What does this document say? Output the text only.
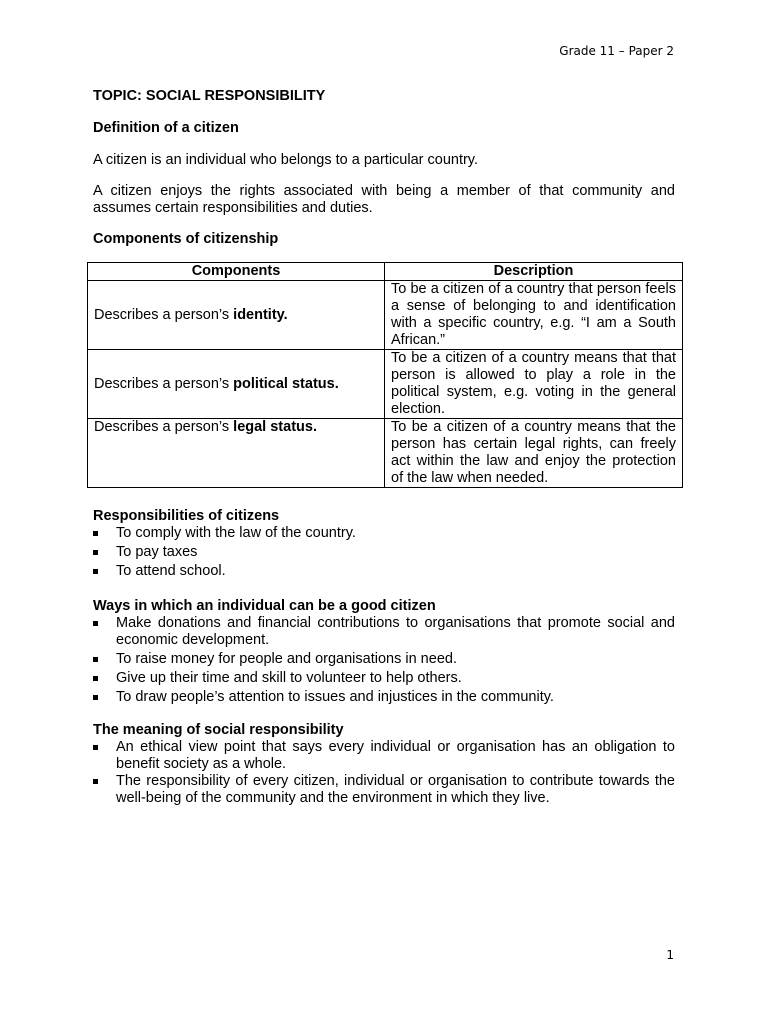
Grade 11 – Paper 2

TOPIC: SOCIAL RESPONSIBILITY

Definition of a citizen

A citizen is an individual who belongs to a particular country.

A citizen enjoys the rights associated with being a member of that community and assumes certain responsibilities and duties.

Components of citizenship

Components	Description
Describes a person’s identity.	To be a citizen of a country that person feels a sense of belonging to and identification with a specific country, e.g. “I am a South African.”
Describes a person’s political status.	To be a citizen of a country means that that person is allowed to play a role in the political system, e.g. voting in the general election.
Describes a person’s legal status.	To be a citizen of a country means that the person has certain legal rights, can freely act within the law and enjoy the protection of the law when needed.

Responsibilities of citizens

To comply with the law of the country.
To pay taxes
To attend school.

Ways in which an individual can be a good citizen

Make donations and financial contributions to organisations that promote social and economic development.
To raise money for people and organisations in need.
Give up their time and skill to volunteer to help others.
To draw people’s attention to issues and injustices in the community.

The meaning of social responsibility

An ethical view point that says every individual or organisation has an obligation to benefit society as a whole.
The responsibility of every citizen, individual or organisation to contribute towards the well-being of the community and the environment in which they live.
1
